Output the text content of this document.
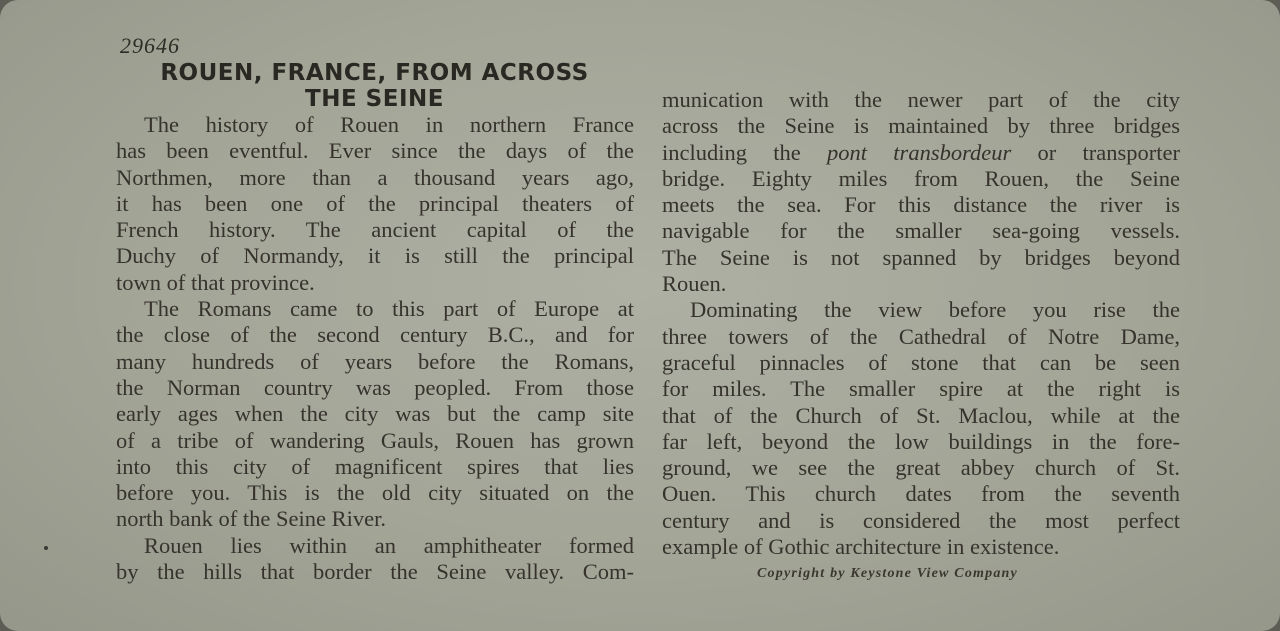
29646
ROUEN, FRANCE, FROM ACROSS
THE SEINE
The history of Rouen in northern France
has been eventful. Ever since the days of the
Northmen, more than a thousand years ago,
it has been one of the principal theaters of
French history. The ancient capital of the
Duchy of Normandy, it is still the principal
town of that province.
The Romans came to this part of Europe at
the close of the second century B.C., and for
many hundreds of years before the Romans,
the Norman country was peopled. From those
early ages when the city was but the camp site
of a tribe of wandering Gauls, Rouen has grown
into this city of magnificent spires that lies
before you. This is the old city situated on the
north bank of the Seine River.
Rouen lies within an amphitheater formed
by the hills that border the Seine valley. Com-
munication with the newer part of the city
across the Seine is maintained by three bridges
including the pont transbordeur or transporter
bridge. Eighty miles from Rouen, the Seine
meets the sea. For this distance the river is
navigable for the smaller sea-going vessels.
The Seine is not spanned by bridges beyond
Rouen.
Dominating the view before you rise the
three towers of the Cathedral of Notre Dame,
graceful pinnacles of stone that can be seen
for miles. The smaller spire at the right is
that of the Church of St. Maclou, while at the
far left, beyond the low buildings in the fore-
ground, we see the great abbey church of St.
Ouen. This church dates from the seventh
century and is considered the most perfect
example of Gothic architecture in existence.
Copyright by Keystone View Company
